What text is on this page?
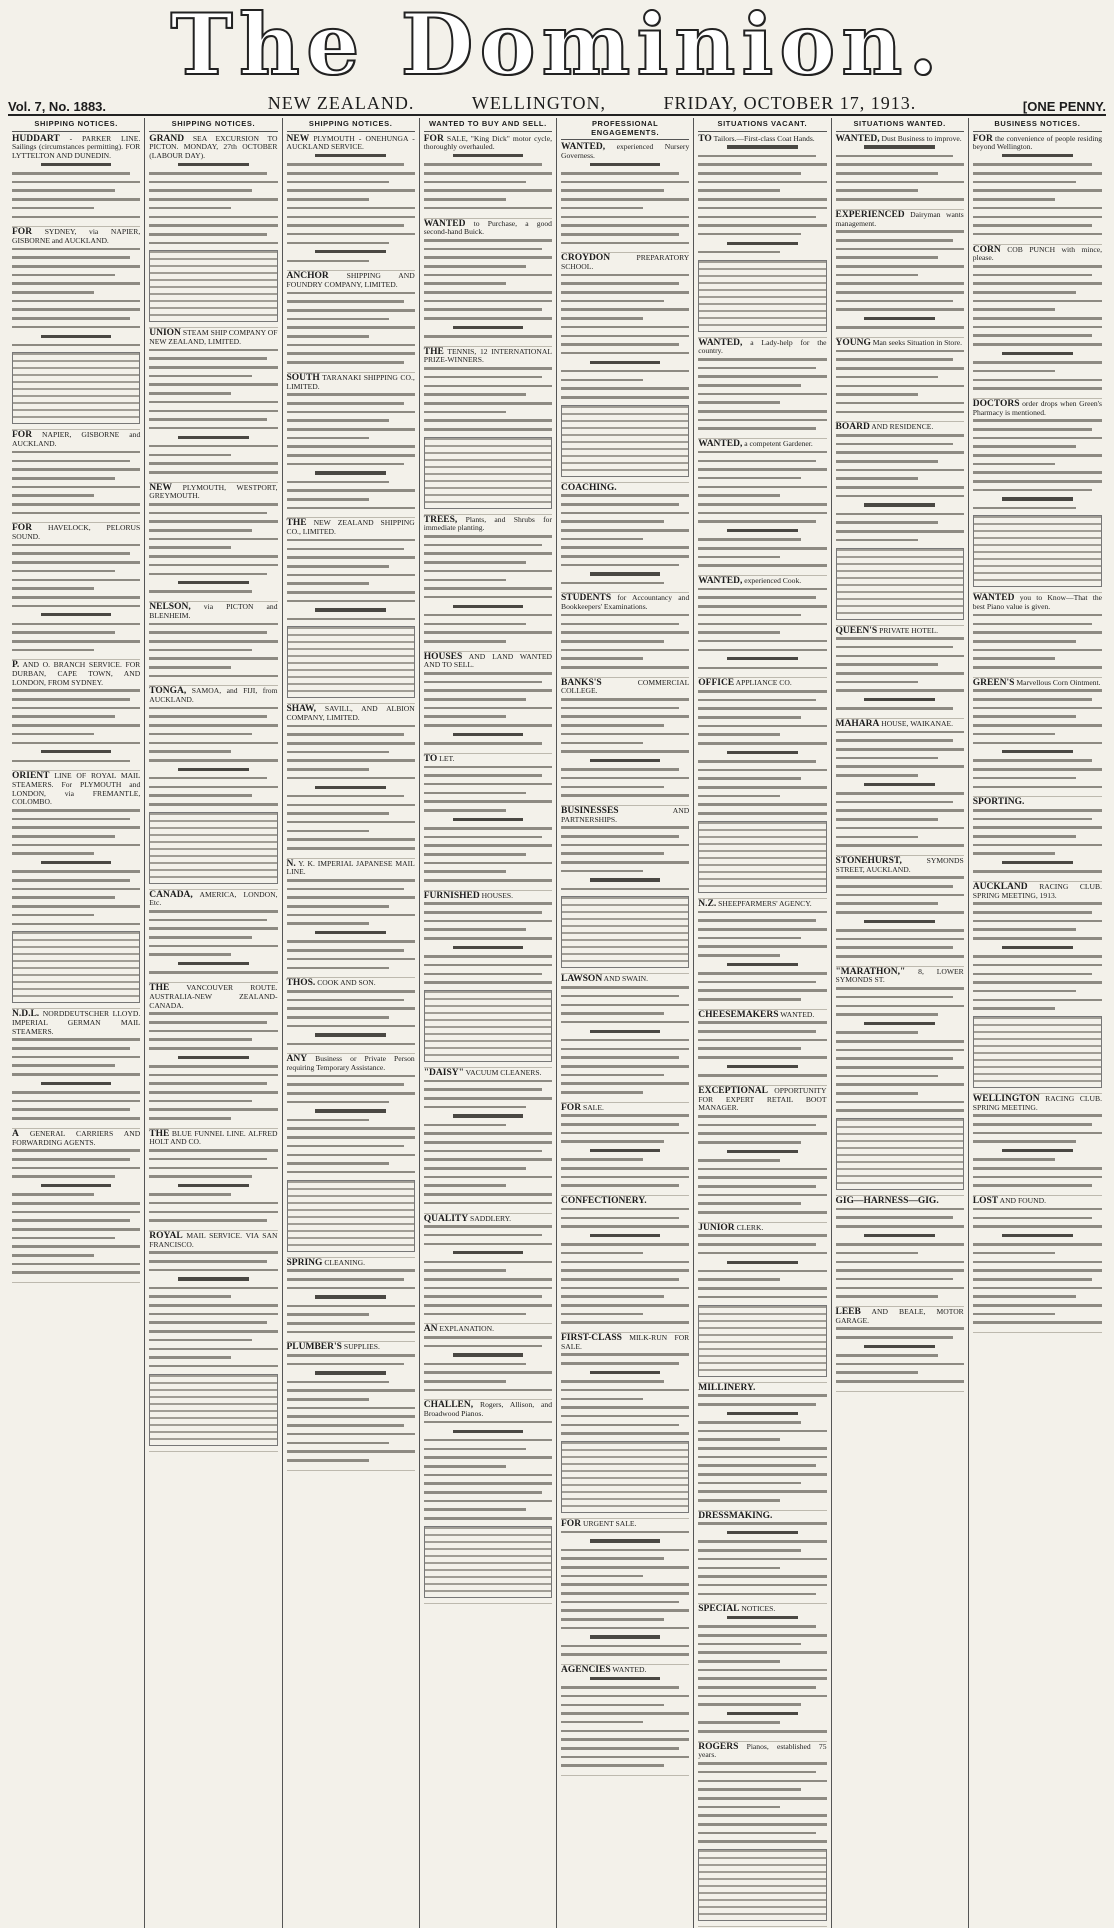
The Dominion.
Vol. 7, No. 1883.	NEW ZEALAND.	WELLINGTON,	FRIDAY, OCTOBER 17, 1913.	[ONE PENNY.
SHIPPING NOTICES.
HUDDART - PARKER LINE. Sailings (circumstances permitting). FOR LYTTELTON AND DUNEDIN.
FOR SYDNEY, via NAPIER, GISBORNE and AUCKLAND.
FOR NAPIER, GISBORNE and AUCKLAND.
FOR HAVELOCK, PELORUS SOUND.
P. AND O. BRANCH SERVICE. FOR DURBAN, CAPE TOWN, AND LONDON, FROM SYDNEY.
ORIENT LINE OF ROYAL MAIL STEAMERS. For PLYMOUTH and LONDON, via FREMANTLE, COLOMBO.
N.D.L. NORDDEUTSCHER LLOYD. IMPERIAL GERMAN MAIL STEAMERS.
A GENERAL CARRIERS AND FORWARDING AGENTS.
SHIPPING NOTICES.
GRAND SEA EXCURSION TO PICTON. MONDAY, 27th OCTOBER (LABOUR DAY).
UNION STEAM SHIP COMPANY OF NEW ZEALAND, LIMITED.
NEW PLYMOUTH, WESTPORT, GREYMOUTH.
NELSON, via PICTON and BLENHEIM.
TONGA, SAMOA, and FIJI, from AUCKLAND.
CANADA, AMERICA, LONDON, Etc.
THE VANCOUVER ROUTE. AUSTRALIA-NEW ZEALAND-CANADA.
THE BLUE FUNNEL LINE. ALFRED HOLT AND CO.
ROYAL MAIL SERVICE. VIA SAN FRANCISCO.
SHIPPING NOTICES.
NEW PLYMOUTH - ONEHUNGA - AUCKLAND SERVICE.
ANCHOR SHIPPING AND FOUNDRY COMPANY, LIMITED.
SOUTH TARANAKI SHIPPING CO., LIMITED.
THE NEW ZEALAND SHIPPING CO., LIMITED.
SHAW, SAVILL, AND ALBION COMPANY, LIMITED.
N. Y. K. IMPERIAL JAPANESE MAIL LINE.
THOS. COOK AND SON.
ANY Business or Private Person requiring Temporary Assistance.
SPRING CLEANING.
PLUMBER'S SUPPLIES.
WANTED TO BUY AND SELL.
FOR SALE, "King Dick" motor cycle, thoroughly overhauled.
WANTED to Purchase, a good second-hand Buick.
THE TENNIS, 12 INTERNATIONAL PRIZE-WINNERS.
TREES, Plants, and Shrubs for immediate planting.
HOUSES AND LAND WANTED AND TO SELL.
TO LET.
FURNISHED HOUSES.
"DAISY" VACUUM CLEANERS.
QUALITY SADDLERY.
AN EXPLANATION.
CHALLEN, Rogers, Allison, and Broadwood Pianos.
PROFESSIONAL ENGAGEMENTS.
WANTED, experienced Nursery Governess.
CROYDON	PREPARATORY SCHOOL.
COACHING.
STUDENTS for Accountancy and Bookkeepers' Examinations.
BANKS'S	COMMERCIAL COLLEGE.
BUSINESSES	AND PARTNERSHIPS.
LAWSON AND SWAIN.
FOR SALE.
CONFECTIONERY.
FIRST-CLASS MILK-RUN FOR SALE.
FOR URGENT SALE.
AGENCIES WANTED.
SITUATIONS VACANT.
TO Tailors.—First-class Coat Hands.
WANTED, a Lady-help for the country.
WANTED, a competent Gardener.
WANTED, experienced Cook.
OFFICE APPLIANCE CO.
N.Z. SHEEPFARMERS' AGENCY.
CHEESEMAKERS WANTED.
EXCEPTIONAL OPPORTUNITY FOR EXPERT RETAIL BOOT MANAGER.
JUNIOR CLERK.
MILLINERY.
DRESSMAKING.
SPECIAL NOTICES.
ROGERS Pianos, established 75 years.
SITUATIONS WANTED.
WANTED, Dust Business to improve.
EXPERIENCED Dairyman wants management.
YOUNG Man seeks Situation in Store.
BOARD AND RESIDENCE.
QUEEN'S PRIVATE HOTEL.
MAHARA HOUSE, WAIKANAE.
STONEHURST,	SYMONDS STREET, AUCKLAND.
"MARATHON," 8, LOWER SYMONDS ST.
GIG—HARNESS—GIG.
LEEB AND BEALE, MOTOR GARAGE.
BUSINESS NOTICES.
FOR the convenience of people residing beyond Wellington.
CORN COB PUNCH with mince, please.
DOCTORS order drops when Green's Pharmacy is mentioned.
WANTED you to Know—That the best Piano value is given.
GREEN'S Marvellous Corn Ointment.
SPORTING.
AUCKLAND RACING CLUB. SPRING MEETING, 1913.
WELLINGTON RACING CLUB. SPRING MEETING.
LOST AND FOUND.
